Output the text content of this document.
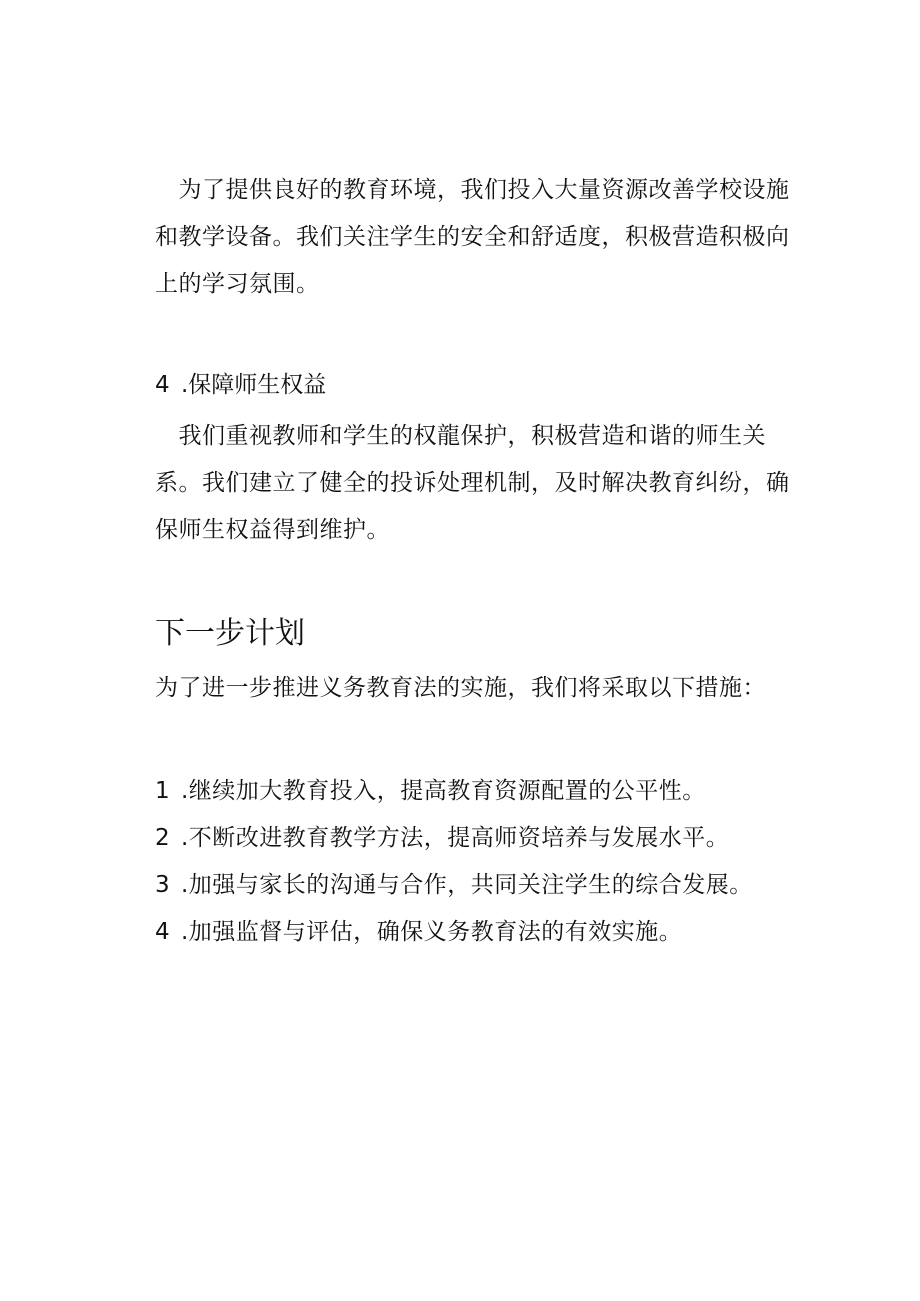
　为了提供良好的教育环境，我们投入大量资源改善学校设施和教学设备。我们关注学生的安全和舒适度，积极营造积极向上的学习氛围。

4 .保障师生权益

　我们重视教师和学生的权龍保护，积极营造和谐的师生关系。我们建立了健全的投诉处理机制，及时解决教育纠纷，确保师生权益得到维护。

下一步计划

为了进一步推进义务教育法的实施，我们将采取以下措施：

1 .继续加大教育投入，提高教育资源配置的公平性。
2 .不断改进教育教学方法，提高师资培养与发展水平。
3 .加强与家长的沟通与合作，共同关注学生的综合发展。
4 .加强监督与评估，确保义务教育法的有效实施。
